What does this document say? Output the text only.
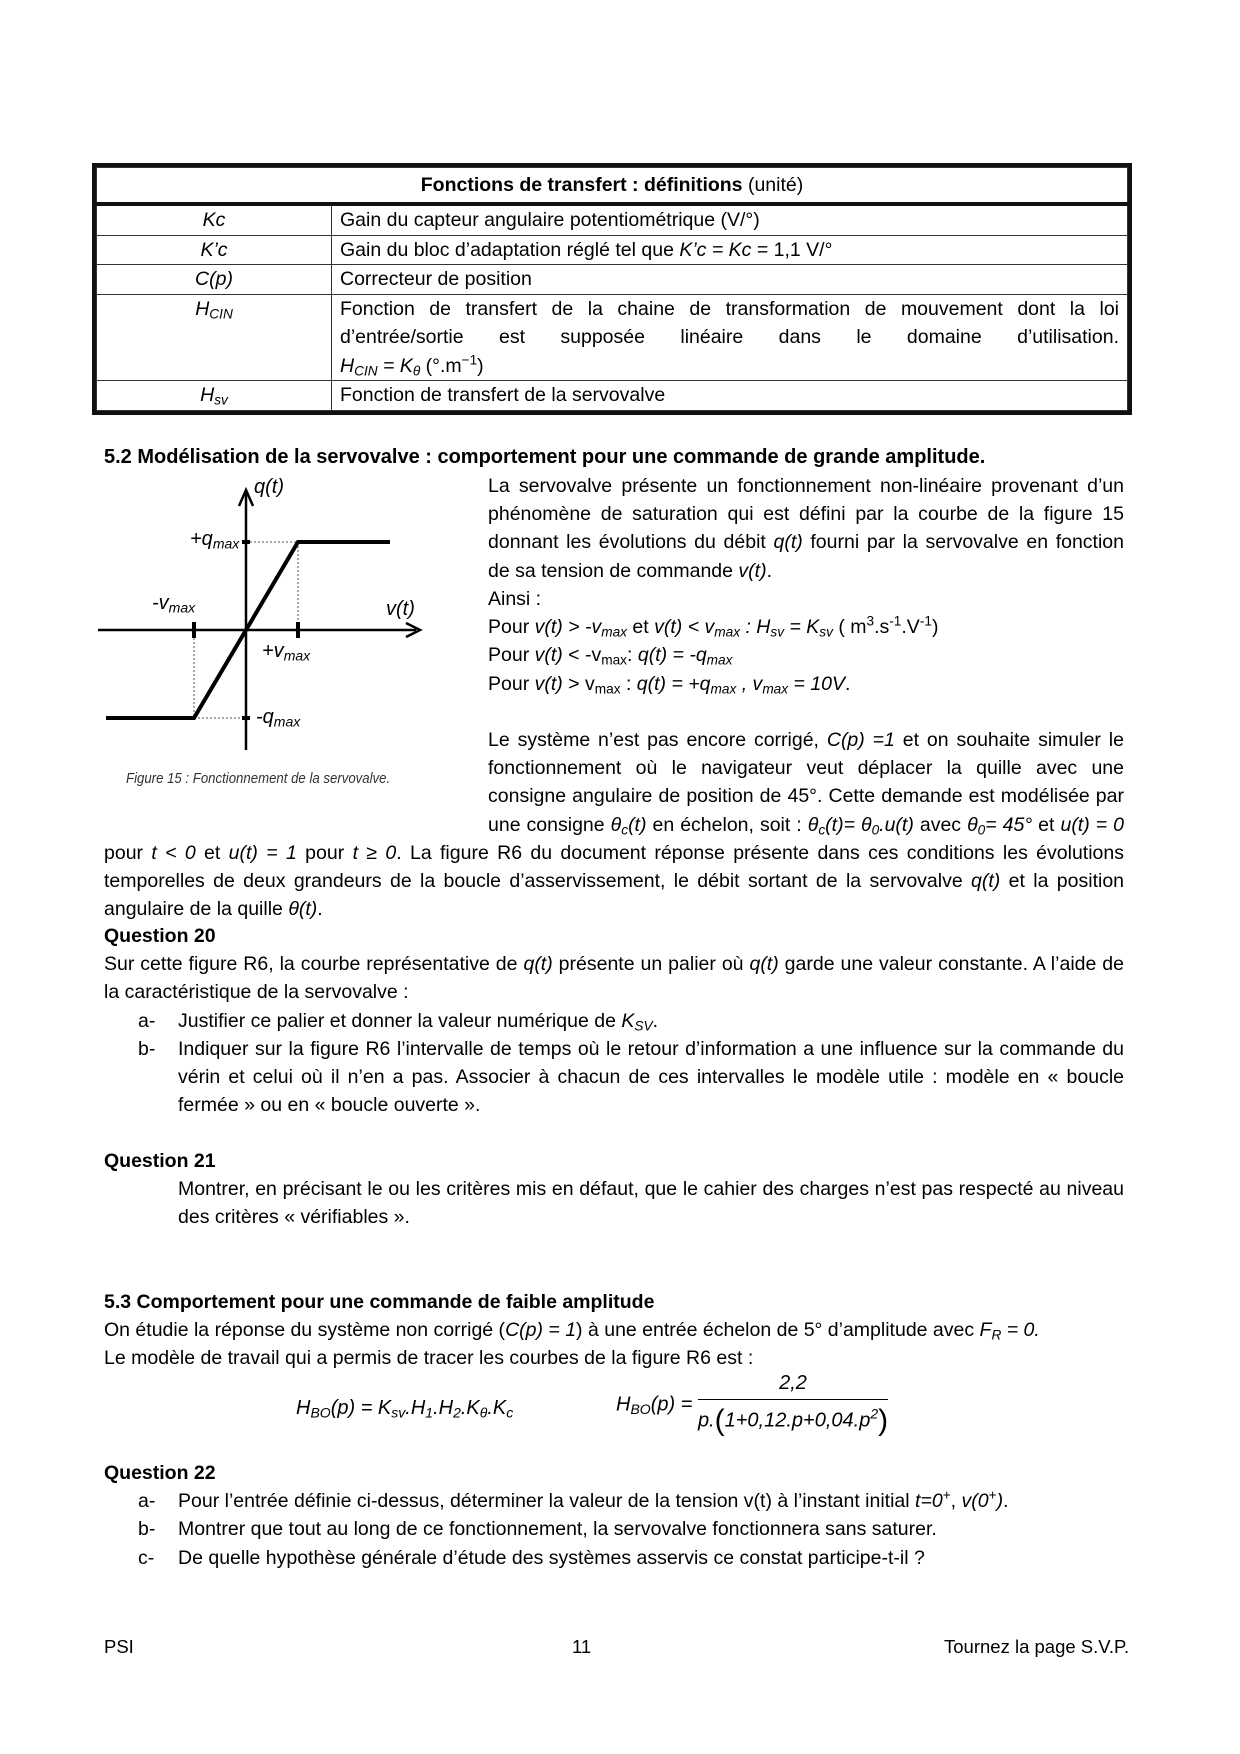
Fonctions de transfert : définitions (unité)	
Kc	Gain du capteur angulaire potentiométrique (V/°)
K’c	Gain du bloc d’adaptation réglé tel que K’c = Kc = 1,1 V/°
C(p)	Correcteur de position
$H_{CIN}$	Fonction de transfert de la chaine de transformation de mouvement dont la loi d’entrée/sortie est supposée linéaire dans le domaine d’utilisation.
$H_{CIN} = K_\theta$ $(^\circ.m^{-1})$

$H_{sv}$	Fonction de transfert de la servovalve
5.2 Modélisation de la servovalve : comportement pour une commande de grande amplitude.
q(t)
v(t)
$+q_{max}$
$-q_{max}$
$+v_{max}$
$-v_{max}$
Figure 15 : Fonctionnement de la servovalve.
La servovalve présente un fonctionnement non-linéaire provenant d’un phénomène de saturation qui est défini par la courbe de la figure 15 donnant les évolutions du débit q(t) fourni par la servovalve en fonction de sa tension de commande v(t).
Ainsi :
Pour $v(t) > -v_{max}$ et $v(t) < v_{max}$ : $H_{sv} = K_{sv}$ ( $m^3.s^{-1}.V^{-1}$)
Pour $v(t) < -v_{max}$: $q(t) = -q_{max}$
Pour $v(t) > v_{max}$ : $q(t) = +q_{max}$ , $v_{max} = 10V$.
Le système n’est pas encore corrigé, C(p) =1 et on souhaite simuler le fonctionnement où le navigateur veut déplacer la quille avec une consigne angulaire de position de 45°. Cette demande est modélisée par une consigne $\theta_c(t)$ en échelon, soit : $\theta_c(t)= \theta_0.u(t)$ avec $\theta_0= 45^\circ$ et u(t) = 0 pour t < 0 et u(t) = 1 pour t ≥ 0. La figure R6 du document réponse présente dans ces conditions les évolutions temporelles de deux grandeurs de la boucle d’asservissement, le débit sortant de la servovalve q(t) et la position angulaire de la quille θ(t).
Question 20
Sur cette figure R6, la courbe représentative de q(t) présente un palier où q(t) garde une valeur constante. A l’aide de la caractéristique de la servovalve :
a- Justifier ce palier et donner la valeur numérique de $K_{SV}$.
b- Indiquer sur la figure R6 l’intervalle de temps où le retour d’information a une influence sur la commande du vérin et celui où il n’en a pas. Associer à chacun de ces intervalles le modèle utile : modèle en « boucle fermée » ou en « boucle ouverte ».
Question 21
Montrer, en précisant le ou les critères mis en défaut, que le cahier des charges n’est pas respecté au niveau des critères « vérifiables ».
5.3 Comportement pour une commande de faible amplitude
On étudie la réponse du système non corrigé (C(p) = 1) à une entrée échelon de 5° d’amplitude avec $F_R = 0$.
Le modèle de travail qui a permis de tracer les courbes de la figure R6 est :
$H_{BO}(p) = K_{sv}.H_1.H_2.K_\theta.K_c$	$H_{BO}(p) = \frac{2,2}{p.(1+0,12.p+0,04.p^2)}$
Question 22
a- Pour l’entrée définie ci-dessus, déterminer la valeur de la tension v(t) à l’instant initial t=0+, v(0+).
b- Montrer que tout au long de ce fonctionnement, la servovalve fonctionnera sans saturer.
c- De quelle hypothèse générale d’étude des systèmes asservis ce constat participe-t-il ?
PSI	11	Tournez la page S.V.P.
